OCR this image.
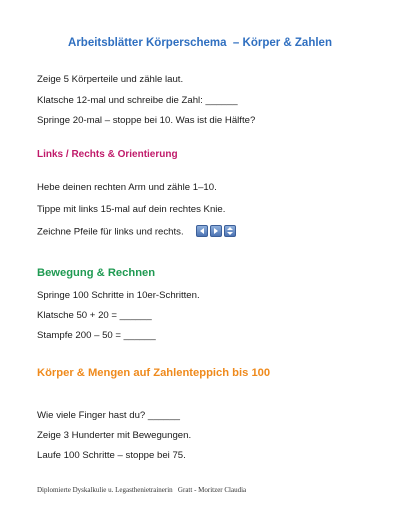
Arbeitsblätter Körperschema  – Körper & Zahlen
Zeige 5 Körperteile und zähle laut.
Klatsche 12-mal und schreibe die Zahl: ______
Springe 20-mal – stoppe bei 10. Was ist die Hälfte?
Links / Rechts & Orientierung
Hebe deinen rechten Arm und zähle 1–10.
Tippe mit links 15-mal auf dein rechtes Knie.
Zeichne Pfeile für links und rechts.
Bewegung & Rechnen
Springe 100 Schritte in 10er-Schritten.
Klatsche 50 + 20 = ______
Stampfe 200 – 50 = ______
Körper & Mengen auf Zahlenteppich bis 100
Wie viele Finger hast du? ______
Zeige 3 Hunderter mit Bewegungen.
Laufe 100 Schritte – stoppe bei 75.
Diplomierte Dyskalkulie u. Legasthenietrainerin   Gratt - Moritzer Claudia
